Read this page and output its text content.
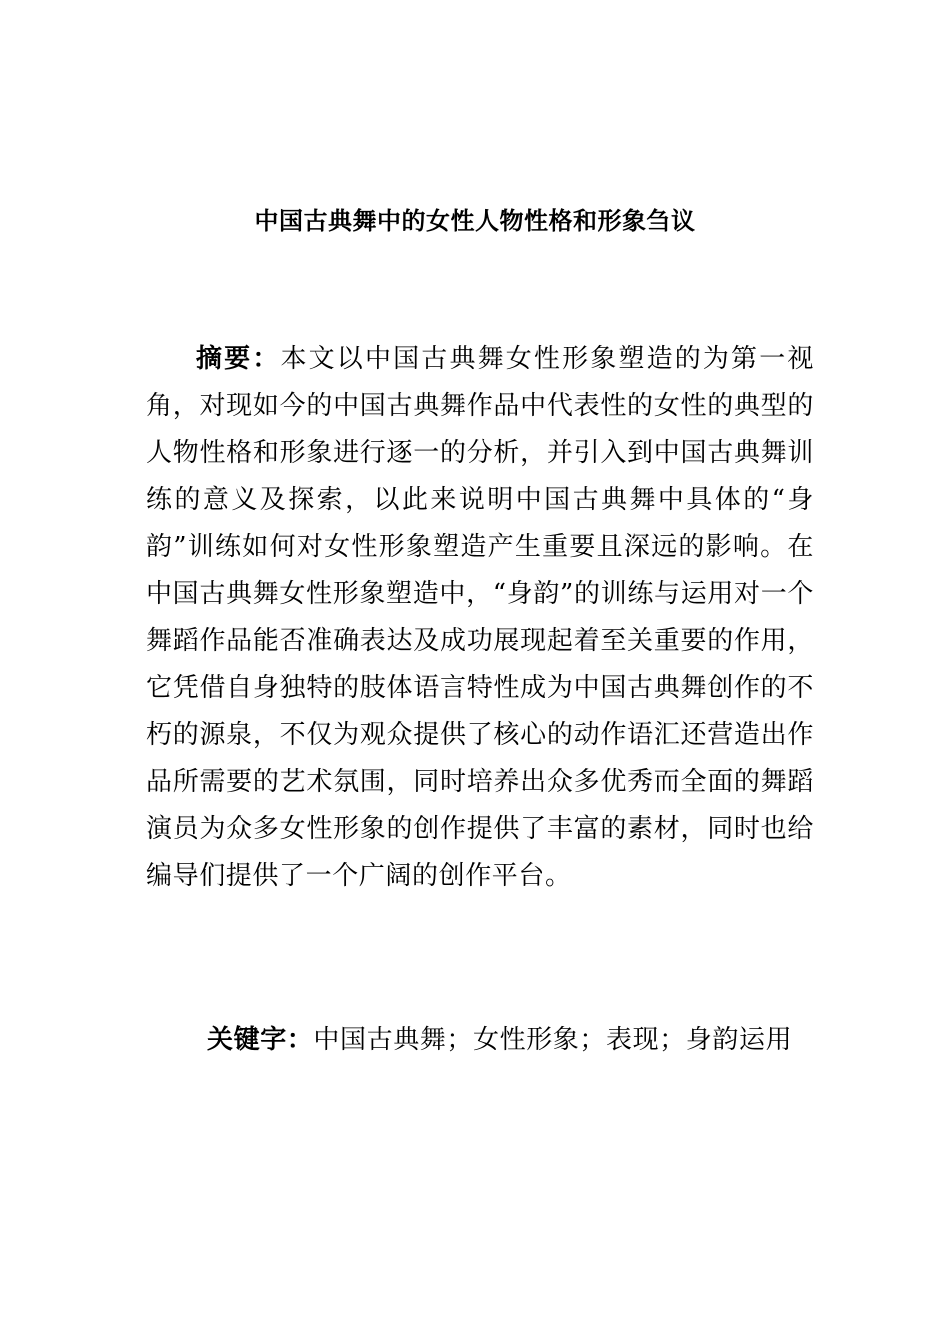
中国古典舞中的女性人物性格和形象刍议

摘要：本文以中国古典舞女性形象塑造的为第一视角，对现如今的中国古典舞作品中代表性的女性的典型的人物性格和形象进行逐一的分析，并引入到中国古典舞训练的意义及探索，以此来说明中国古典舞中具体的“身韵”训练如何对女性形象塑造产生重要且深远的影响。在中国古典舞女性形象塑造中，“身韵”的训练与运用对一个舞蹈作品能否准确表达及成功展现起着至关重要的作用，它凭借自身独特的肢体语言特性成为中国古典舞创作的不朽的源泉，不仅为观众提供了核心的动作语汇还营造出作品所需要的艺术氛围，同时培养出众多优秀而全面的舞蹈演员为众多女性形象的创作提供了丰富的素材，同时也给编导们提供了一个广阔的创作平台。

关键字：中国古典舞；女性形象；表现；身韵运用
